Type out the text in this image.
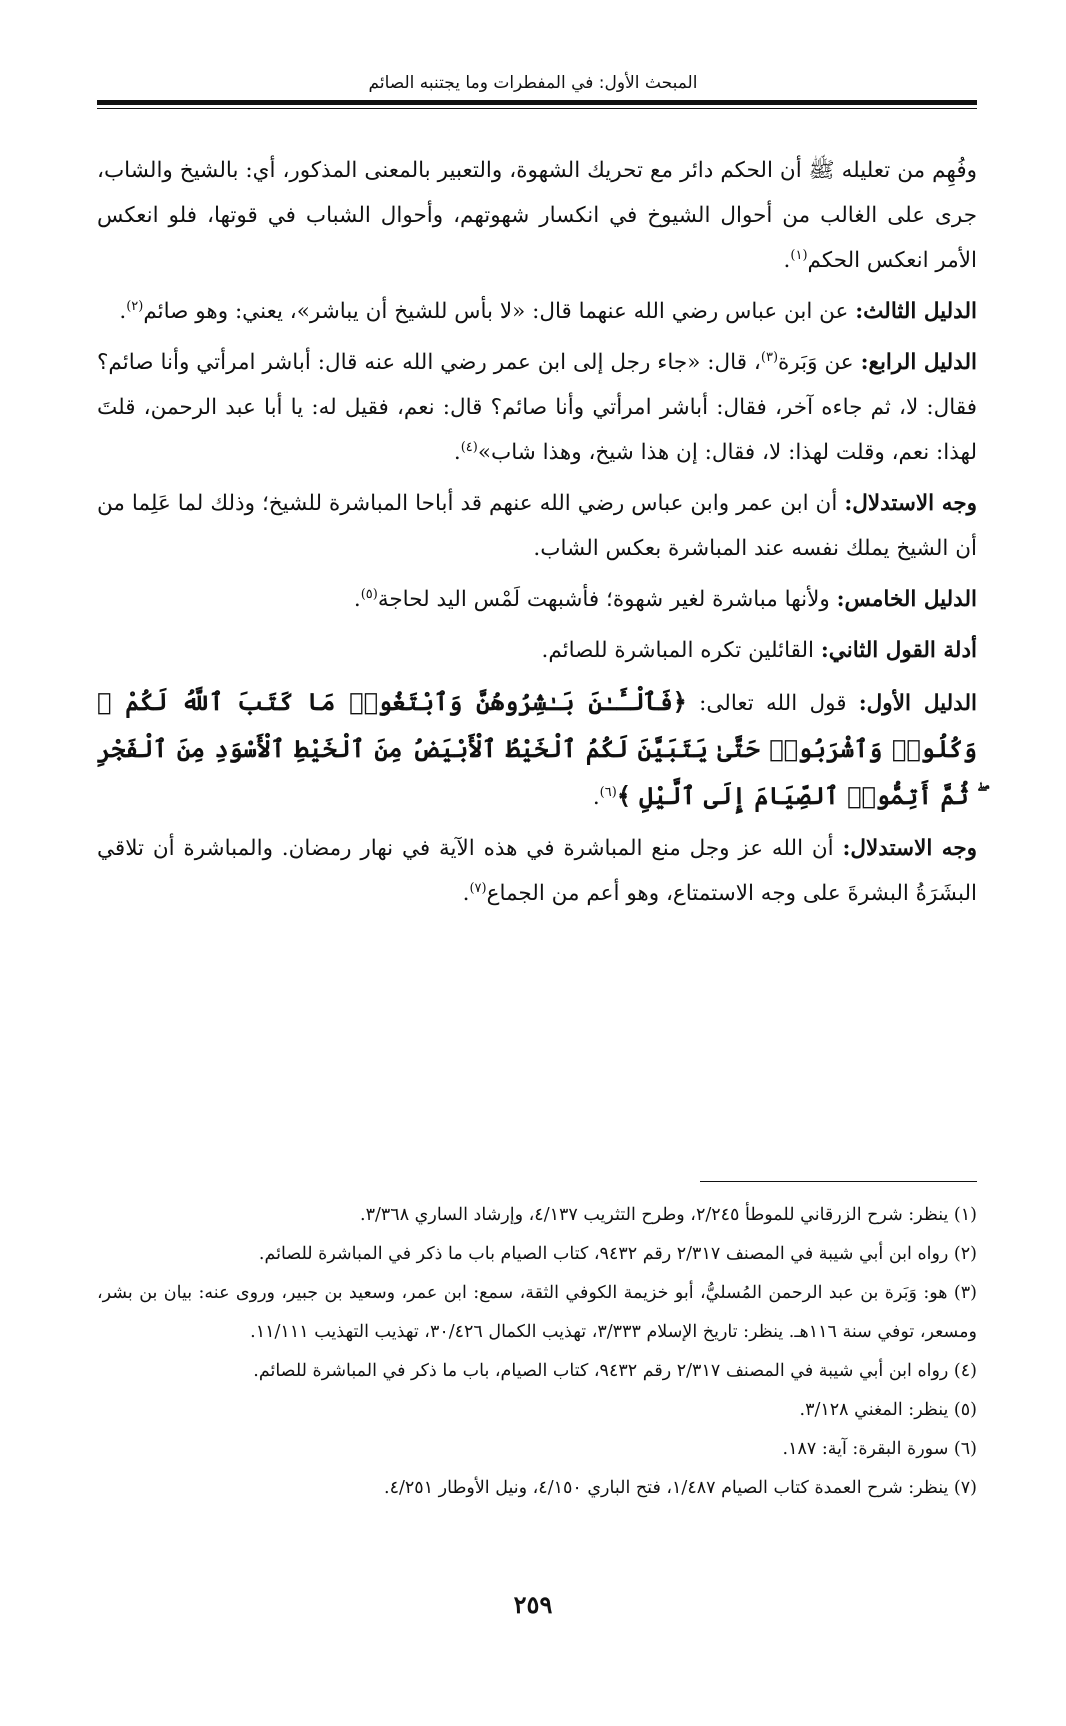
المبحث الأول: في المفطرات وما يجتنبه الصائم

وفُهِم من تعليله ﷺ أن الحكم دائر مع تحريك الشهوة، والتعبير بالمعنى المذكور، أي: بالشيخ والشاب، جرى على الغالب من أحوال الشيوخ في انكسار شهوتهم، وأحوال الشباب في قوتها، فلو انعكس الأمر انعكس الحكم$^{(١)}$.

الدليل الثالث: عن ابن عباس رضي الله عنهما قال: «لا بأس للشيخ أن يباشر»، يعني: وهو صائم$^{(٢)}$.

الدليل الرابع: عن وَبَرة$^{(٣)}$، قال: «جاء رجل إلى ابن عمر رضي الله عنه قال: أباشر امرأتي وأنا صائم؟ فقال: لا، ثم جاءه آخر، فقال: أباشر امرأتي وأنا صائم؟ قال: نعم، فقيل له: يا أبا عبد الرحمن، قلتَ لهذا: نعم، وقلت لهذا: لا، فقال: إن هذا شيخ، وهذا شاب»$^{(٤)}$.

وجه الاستدلال: أن ابن عمر وابن عباس رضي الله عنهم قد أباحا المباشرة للشيخ؛ وذلك لما عَلِما من أن الشيخ يملك نفسه عند المباشرة بعكس الشاب.

الدليل الخامس: ولأنها مباشرة لغير شهوة؛ فأشبهت لَمْس اليد لحاجة$^{(٥)}$.

أدلة القول الثاني: القائلين تكره المباشرة للصائم.

الدليل الأول: قول الله تعالى: ﴿فَٱلْـَٔـٰنَ بَـٰشِرُوهُنَّ وَٱبْتَغُوا۟ مَا كَتَبَ ٱللَّهُ لَكُمْ ۚ وَكُلُوا۟ وَٱشْرَبُوا۟ حَتَّىٰ يَتَبَيَّنَ لَكُمُ ٱلْخَيْطُ ٱلْأَبْيَضُ مِنَ ٱلْخَيْطِ ٱلْأَسْوَدِ مِنَ ٱلْفَجْرِ ۖ ثُمَّ أَتِمُّوا۟ ٱلصِّيَامَ إِلَى ٱلَّيْلِ ﴾$^{(٦)}$.

وجه الاستدلال: أن الله عز وجل منع المباشرة في هذه الآية في نهار رمضان. والمباشرة أن تلاقي البشَرَةُ البشرةَ على وجه الاستمتاع، وهو أعم من الجماع$^{(٧)}$.

(١) ينظر: شرح الزرقاني للموطأ ٢/٢٤٥، وطرح التثريب ٤/١٣٧، وإرشاد الساري ٣/٣٦٨.

(٢) رواه ابن أبي شيبة في المصنف ٢/٣١٧ رقم ٩٤٣٢، كتاب الصيام باب ما ذكر في المباشرة للصائم.

(٣) هو: وَبَرة بن عبد الرحمن المُسليُّ، أبو خزيمة الكوفي الثقة، سمع: ابن عمر، وسعيد بن جبير، وروى عنه: بيان بن بشر، ومسعر، توفي سنة ١١٦هـ. ينظر: تاريخ الإسلام ٣/٣٣٣، تهذيب الكمال ٣٠/٤٢٦، تهذيب التهذيب ١١/١١١.

(٤) رواه ابن أبي شيبة في المصنف ٢/٣١٧ رقم ٩٤٣٢، كتاب الصيام، باب ما ذكر في المباشرة للصائم.

(٥) ينظر: المغني ٣/١٢٨.

(٦) سورة البقرة: آية: ١٨٧.

(٧) ينظر: شرح العمدة كتاب الصيام ١/٤٨٧، فتح الباري ٤/١٥٠، ونيل الأوطار ٤/٢٥١.

٢٥٩
